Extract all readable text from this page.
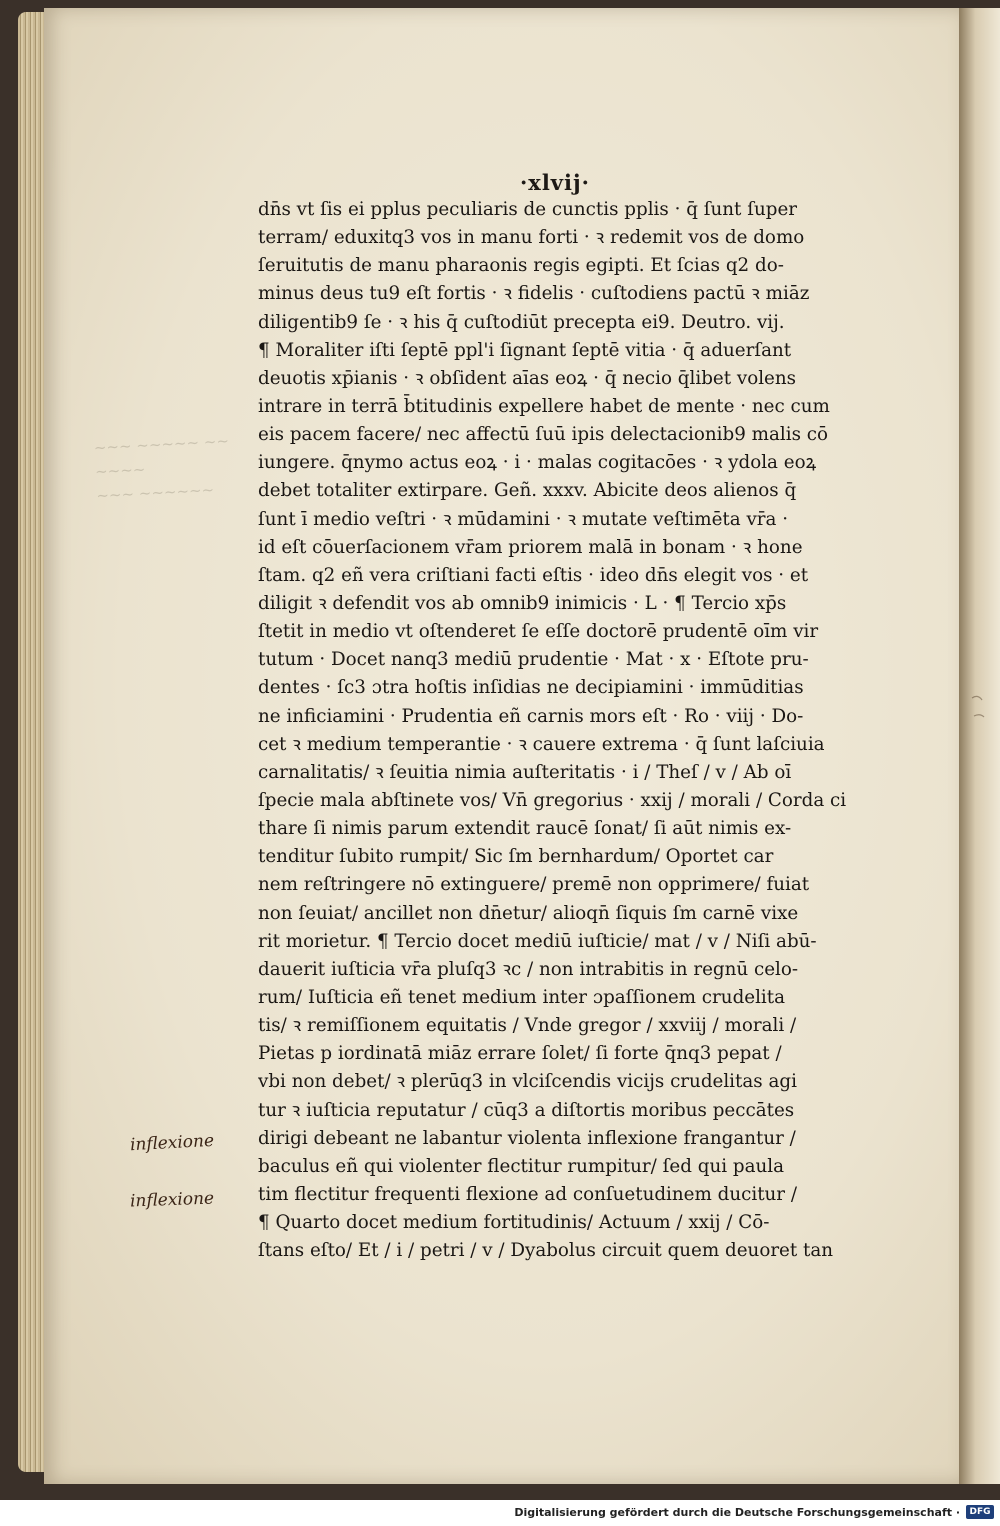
~~~ ~~~~~ ~~ ~~~~
~~~ ~~~~~~
·xlvij·
dn̄s vt ſis ei pplus peculiaris de cunctis pplis · q̄ ſunt ſuper
terram/ eduxitq3 vos in manu forti · ꝛ redemit vos de domo
ſeruitutis de manu pharaonis regis egipti. Et ſcias q2 do-
minus deus tu9 eſt fortis · ꝛ fidelis · cuſtodiens pactū ꝛ miāz
diligentib9 ſe · ꝛ his q̄ cuſtodiūt precepta ei9. Deutro. vij.
¶ Moraliter iſti ſeptē ppl'i ſignant ſeptē vitia · q̄ aduerſant
deuotis xp̄ianis · ꝛ obſident aīas eoꝝ · q̄ necio q̄libet volens
intrare in terrā b̄titudinis expellere habet de mente · nec cum
eis pacem facere/ nec affectū ſuū ipis delectacionib9 malis cō
iungere. q̄nymo actus eoꝝ · i · malas cogitacōes · ꝛ ydola eoꝝ
debet totaliter extirpare. Geñ. xxxv. Abicite deos alienos q̄
ſunt ī medio veſtri · ꝛ mūdamini · ꝛ mutate veſtimēta vr̄a ·
id eſt cōuerſacionem vr̄am priorem malā in bonam · ꝛ hone
ſtam. q2 eñ vera criſtiani facti eſtis · ideo dn̄s elegit vos · et
diligit ꝛ defendit vos ab omnib9 inimicis · L · ¶ Tercio xp̄s
ſtetit in medio vt oſtenderet ſe eſſe doctorē prudentē oīm vir
tutum · Docet nanq3 mediū prudentie · Mat · x · Eſtote pru-
dentes · ſc3 ɔtra hoſtis inſidias ne decipiamini · immūditias
ne inficiamini · Prudentia eñ carnis mors eſt · Ro · viij · Do-
cet ꝛ medium temperantie · ꝛ cauere extrema · q̄ ſunt laſciuia
carnalitatis/ ꝛ ſeuitia nimia auſteritatis · i / Theſ / v / Ab oī
ſpecie mala abſtinete vos/ Vn̄ gregorius · xxij / morali / Corda ci
thare ſi nimis parum extendit raucē ſonat/ ſi aūt nimis ex-
tenditur ſubito rumpit/ Sic ſm bernhardum/ Oportet car
nem reſtringere nō extinguere/ premē non opprimere/ fuiat
non ſeuiat/ ancillet non dn̄etur/ alioqn̄ ſiquis ſm carnē vixe
rit morietur. ¶ Tercio docet mediū iuſticie/ mat / v / Niſi abū-
dauerit iuſticia vr̄a pluſq3 ꝛc / non intrabitis in regnū celo-
rum/ Iuſticia eñ tenet medium inter ɔpaſſionem crudelita
tis/ ꝛ remiſſionem equitatis / Vnde gregor / xxviij / morali /
Pietas p iordinatā miāz errare ſolet/ ſi forte q̄nq3 pepat /
vbi non debet/ ꝛ plerūq3 in vlciſcendis vicijs crudelitas agi
tur ꝛ iuſticia reputatur / cūq3 a diſtortis moribus peccātes
dirigi debeant ne labantur violenta inflexione frangantur /
baculus eñ qui violenter flectitur rumpitur/ ſed qui paula
tim flectitur frequenti flexione ad conſuetudinem ducitur /
¶ Quarto docet medium fortitudinis/ Actuum / xxij / Cō-
ſtans eſto/ Et / i / petri / v / Dyabolus circuit quem deuoret tan
inflexione
inflexione
Digitalisierung gefördert durch die Deutsche Forschungsgemeinschaft ·	DFG
